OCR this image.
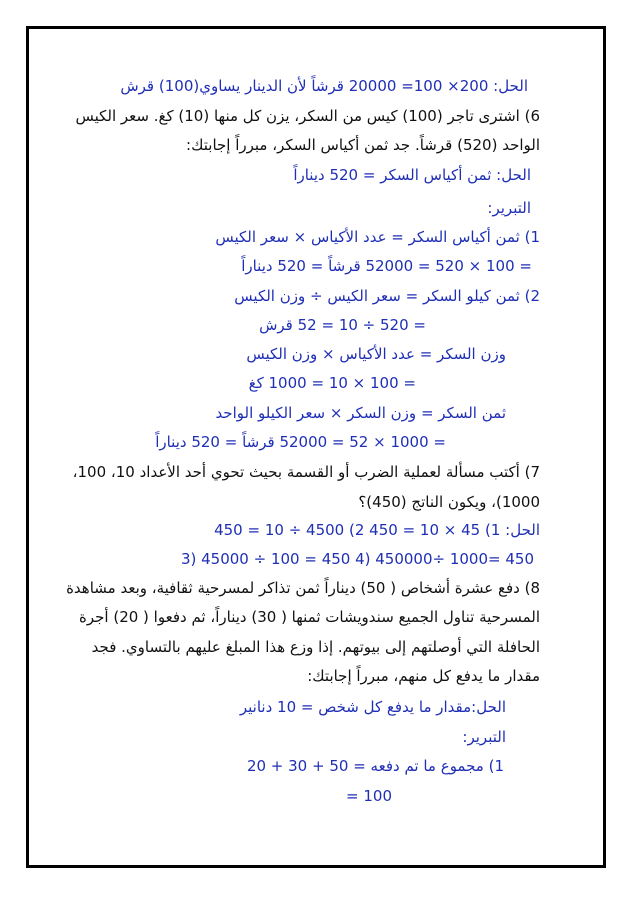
الحل: 200× 100= 20000 قرشاً لأن الدينار يساوي(100) قرش
6) اشترى تاجر (100) كيس من السكر، يزن كل منها (10) كغ. سعر الكيس
الواحد (520) قرشاً. جد ثمن أكياس السكر، مبرراً إجابتك:
الحل: ثمن أكياس السكر = 520 ديناراً
التبرير:
1) ثمن أكياس السكر = عدد الأكياس × سعر الكيس
= 100 × 520 = 52000 قرشاً = 520 ديناراً
2) ثمن كيلو السكر = سعر الكيس ÷ وزن الكيس
= 520 ÷ 10 = 52 قرش
وزن السكر = عدد الأكياس × وزن الكيس
= 100 × 10 = 1000 كغ
ثمن السكر = وزن السكر × سعر الكيلو الواحد
= 1000 × 52 = 52000 قرشاً = 520 ديناراً
7) أكتب مسألة لعملية الضرب أو القسمة بحيث تحوي أحد الأعداد 10، 100،
1000)، ويكون الناتج (450)؟
الحل: 1) 45 × 10 = 450 2) 4500 ÷ 10 = 450
3) 45000 ÷ 100 = 450 4) 450000÷ 1000= 450
8) دفع عشرة أشخاص ( 50) ديناراً ثمن تذاكر لمسرحية ثقافية، وبعد مشاهدة
المسرحية تناول الجميع سندويشات ثمنها ( 30) ديناراً، ثم دفعوا ( 20) أجرة
الحافلة التي أوصلتهم إلى بيوتهم. إذا وزع هذا المبلغ عليهم بالتساوي. فجد
مقدار ما يدفع كل منهم، مبرراً إجابتك:
الحل:مقدار ما يدفع كل شخص = 10 دنانير
التبرير:
1) مجموع ما تم دفعه = 50 + 30 + 20
= 100
